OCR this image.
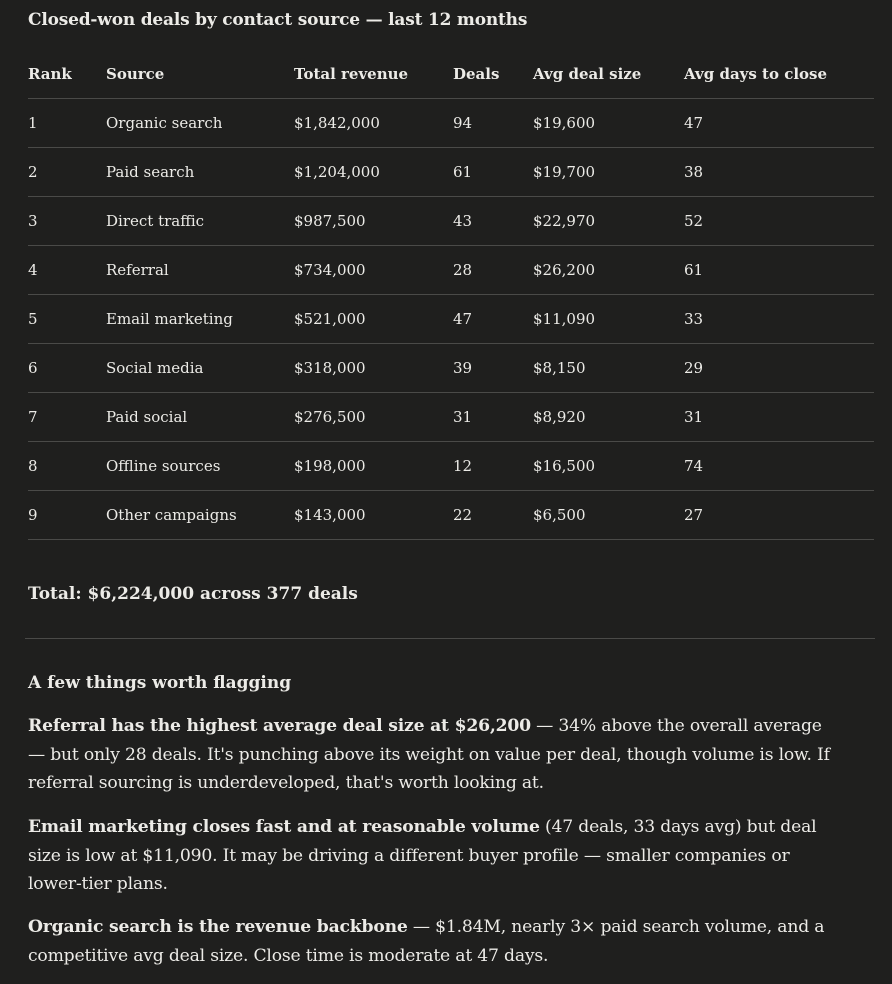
Closed-won deals by contact source — last 12 months
Rank	Source	Total revenue	Deals	Avg deal size	Avg days to close
1	Organic search	$1,842,000	94	$19,600	47
2	Paid search	$1,204,000	61	$19,700	38
3	Direct traffic	$987,500	43	$22,970	52
4	Referral	$734,000	28	$26,200	61
5	Email marketing	$521,000	47	$11,090	33
6	Social media	$318,000	39	$8,150	29
7	Paid social	$276,500	31	$8,920	31
8	Offline sources	$198,000	12	$16,500	74
9	Other campaigns	$143,000	22	$6,500	27
Total: $6,224,000 across 377 deals
A few things worth flagging
Referral has the highest average deal size at $26,200 — 34% above the overall average — but only 28 deals. It's punching above its weight on value per deal, though volume is low. If referral sourcing is underdeveloped, that's worth looking at.
Email marketing closes fast and at reasonable volume (47 deals, 33 days avg) but deal size is low at $11,090. It may be driving a different buyer profile — smaller companies or lower-tier plans.
Organic search is the revenue backbone — $1.84M, nearly 3× paid search volume, and a competitive avg deal size. Close time is moderate at 47 days.
